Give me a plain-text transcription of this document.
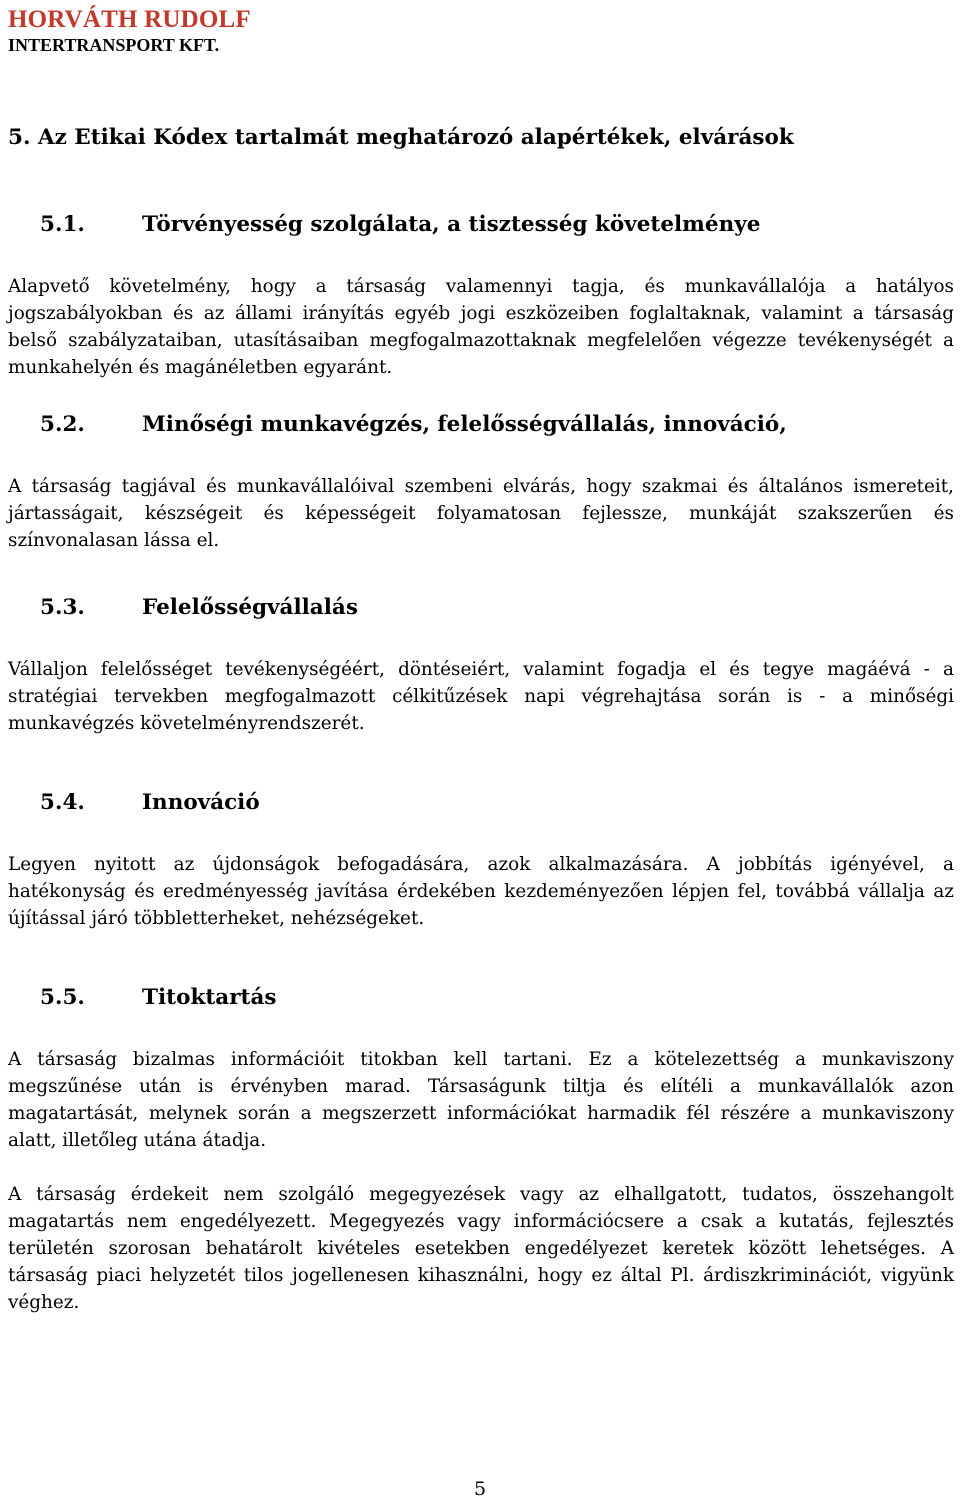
HORVÁTH RUDOLF
INTERTRANSPORT KFT.
5. Az Etikai Kódex tartalmát meghatározó alapértékek, elvárások
5.1.	Törvényesség szolgálata, a tisztesség követelménye

Alapvető követelmény, hogy a társaság valamennyi tagja, és munkavállalója a hatályos jogszabályokban és az állami irányítás egyéb jogi eszközeiben foglaltaknak, valamint a társaság belső szabályzataiban, utasításaiban megfogalmazottaknak megfelelően végezze tevékenységét a munkahelyén és magánéletben egyaránt.

5.2.	Minőségi munkavégzés, felelősségvállalás, innováció,

A társaság tagjával és munkavállalóival szembeni elvárás, hogy szakmai és általános ismereteit, jártasságait, készségeit és képességeit folyamatosan fejlessze, munkáját szakszerűen és színvonalasan lássa el.

5.3.	Felelősségvállalás

Vállaljon felelősséget tevékenységéért, döntéseiért, valamint fogadja el és tegye magáévá - a stratégiai tervekben megfogalmazott célkitűzések napi végrehajtása során is - a minőségi munkavégzés követelményrendszerét.

5.4.	Innováció

Legyen nyitott az újdonságok befogadására, azok alkalmazására. A jobbítás igényével, a hatékonyság és eredményesség javítása érdekében kezdeményezően lépjen fel, továbbá vállalja az újítással járó többletterheket, nehézségeket.

5.5.	Titoktartás

A társaság bizalmas információit titokban kell tartani. Ez a kötelezettség a munkaviszony megszűnése után is érvényben marad. Társaságunk tiltja és elítéli a munkavállalók azon magatartását, melynek során a megszerzett információkat harmadik fél részére a munkaviszony alatt, illetőleg utána átadja.

A társaság érdekeit nem szolgáló megegyezések vagy az elhallgatott, tudatos, összehangolt magatartás nem engedélyezett. Megegyezés vagy információcsere a csak a kutatás, fejlesztés területén szorosan behatárolt kivételes esetekben engedélyezet keretek között lehetséges. A társaság piaci helyzetét tilos jogellenesen kihasználni, hogy ez által Pl. árdiszkriminációt, vigyünk véghez.

5
